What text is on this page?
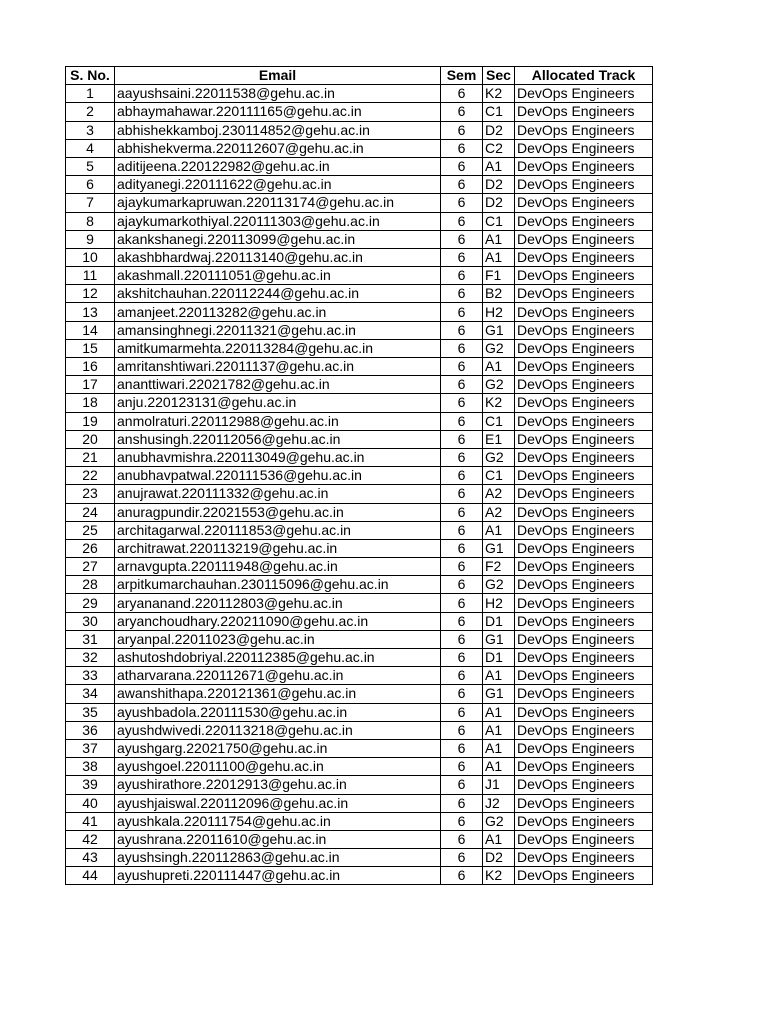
S. No.	Email	Sem	Sec	Allocated Track
1	aayushsaini.22011538@gehu.ac.in	6	K2	DevOps Engineers
2	abhaymahawar.220111165@gehu.ac.in	6	C1	DevOps Engineers
3	abhishekkamboj.230114852@gehu.ac.in	6	D2	DevOps Engineers
4	abhishekverma.220112607@gehu.ac.in	6	C2	DevOps Engineers
5	aditijeena.220122982@gehu.ac.in	6	A1	DevOps Engineers
6	adityanegi.220111622@gehu.ac.in	6	D2	DevOps Engineers
7	ajaykumarkapruwan.220113174@gehu.ac.in	6	D2	DevOps Engineers
8	ajaykumarkothiyal.220111303@gehu.ac.in	6	C1	DevOps Engineers
9	akankshanegi.220113099@gehu.ac.in	6	A1	DevOps Engineers
10	akashbhardwaj.220113140@gehu.ac.in	6	A1	DevOps Engineers
11	akashmall.220111051@gehu.ac.in	6	F1	DevOps Engineers
12	akshitchauhan.220112244@gehu.ac.in	6	B2	DevOps Engineers
13	amanjeet.220113282@gehu.ac.in	6	H2	DevOps Engineers
14	amansinghnegi.22011321@gehu.ac.in	6	G1	DevOps Engineers
15	amitkumarmehta.220113284@gehu.ac.in	6	G2	DevOps Engineers
16	amritanshtiwari.22011137@gehu.ac.in	6	A1	DevOps Engineers
17	ananttiwari.22021782@gehu.ac.in	6	G2	DevOps Engineers
18	anju.220123131@gehu.ac.in	6	K2	DevOps Engineers
19	anmolraturi.220112988@gehu.ac.in	6	C1	DevOps Engineers
20	anshusingh.220112056@gehu.ac.in	6	E1	DevOps Engineers
21	anubhavmishra.220113049@gehu.ac.in	6	G2	DevOps Engineers
22	anubhavpatwal.220111536@gehu.ac.in	6	C1	DevOps Engineers
23	anujrawat.220111332@gehu.ac.in	6	A2	DevOps Engineers
24	anuragpundir.22021553@gehu.ac.in	6	A2	DevOps Engineers
25	architagarwal.220111853@gehu.ac.in	6	A1	DevOps Engineers
26	architrawat.220113219@gehu.ac.in	6	G1	DevOps Engineers
27	arnavgupta.220111948@gehu.ac.in	6	F2	DevOps Engineers
28	arpitkumarchauhan.230115096@gehu.ac.in	6	G2	DevOps Engineers
29	aryananand.220112803@gehu.ac.in	6	H2	DevOps Engineers
30	aryanchoudhary.220211090@gehu.ac.in	6	D1	DevOps Engineers
31	aryanpal.22011023@gehu.ac.in	6	G1	DevOps Engineers
32	ashutoshdobriyal.220112385@gehu.ac.in	6	D1	DevOps Engineers
33	atharvarana.220112671@gehu.ac.in	6	A1	DevOps Engineers
34	awanshithapa.220121361@gehu.ac.in	6	G1	DevOps Engineers
35	ayushbadola.220111530@gehu.ac.in	6	A1	DevOps Engineers
36	ayushdwivedi.220113218@gehu.ac.in	6	A1	DevOps Engineers
37	ayushgarg.22021750@gehu.ac.in	6	A1	DevOps Engineers
38	ayushgoel.22011100@gehu.ac.in	6	A1	DevOps Engineers
39	ayushirathore.22012913@gehu.ac.in	6	J1	DevOps Engineers
40	ayushjaiswal.220112096@gehu.ac.in	6	J2	DevOps Engineers
41	ayushkala.220111754@gehu.ac.in	6	G2	DevOps Engineers
42	ayushrana.22011610@gehu.ac.in	6	A1	DevOps Engineers
43	ayushsingh.220112863@gehu.ac.in	6	D2	DevOps Engineers
44	ayushupreti.220111447@gehu.ac.in	6	K2	DevOps Engineers
